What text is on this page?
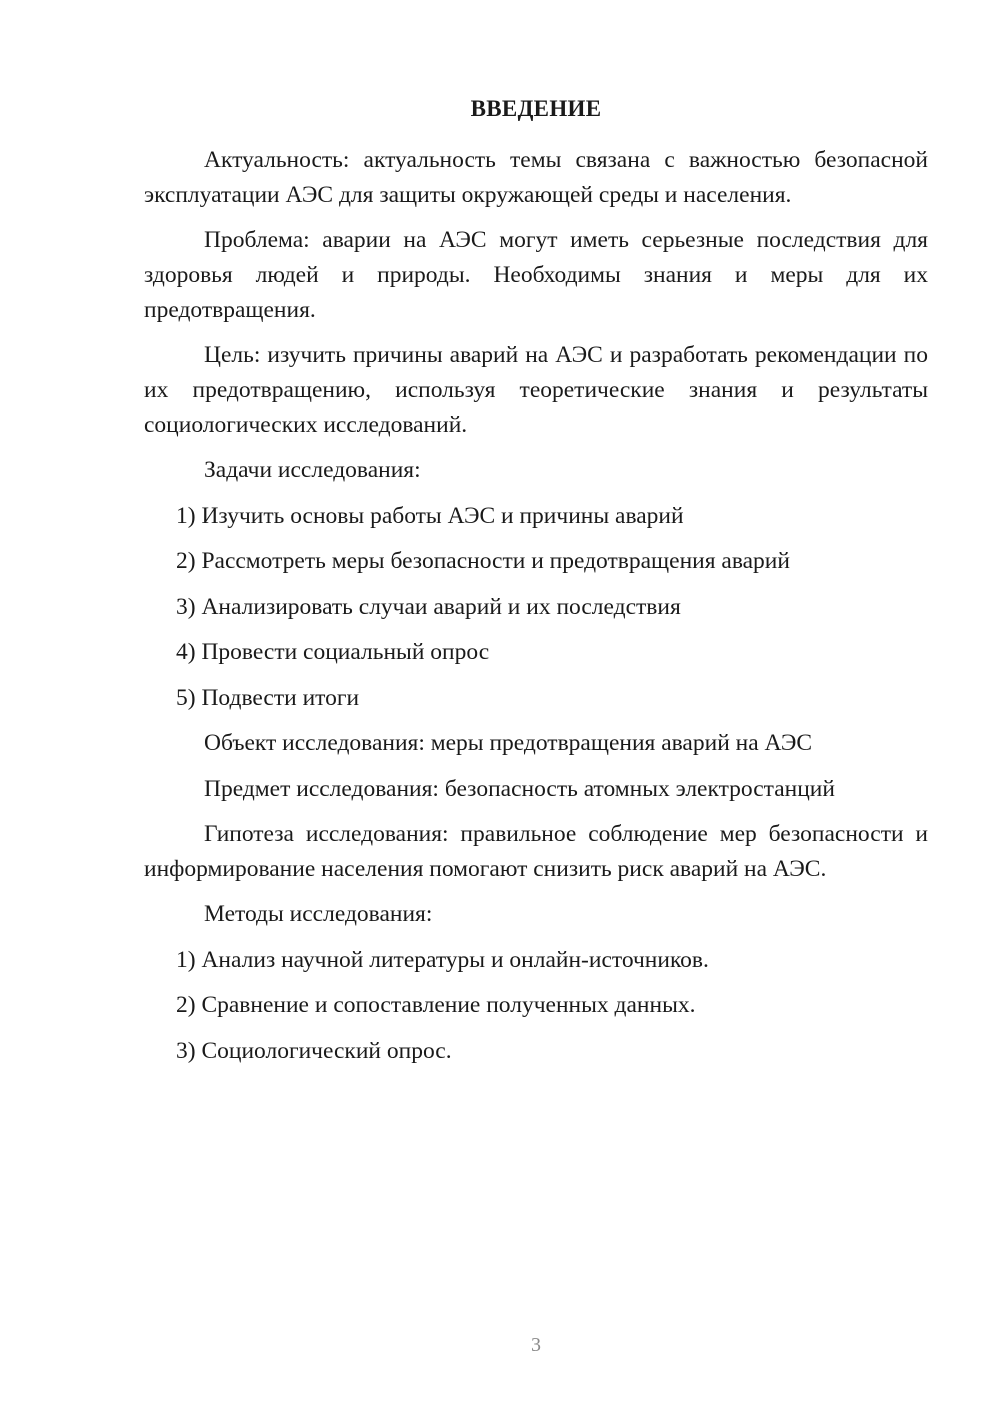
ВВЕДЕНИЕ

Актуальность: актуальность темы связана с важностью безопасной эксплуатации АЭС для защиты окружающей среды и населения.

Проблема: аварии на АЭС могут иметь серьезные последствия для здоровья людей и природы. Необходимы знания и меры для их предотвращения.

Цель: изучить причины аварий на АЭС и разработать рекомендации по их предотвращению, используя теоретические знания и результаты социологических исследований.

Задачи исследования:

1) Изучить основы работы АЭС и причины аварий
2) Рассмотреть меры безопасности и предотвращения аварий
3) Анализировать случаи аварий и их последствия
4) Провести социальный опрос
5) Подвести итоги

Объект исследования: меры предотвращения аварий на АЭС

Предмет исследования: безопасность атомных электростанций

Гипотеза исследования: правильное соблюдение мер безопасности и информирование населения помогают снизить риск аварий на АЭС.

Методы исследования:

1) Анализ научной литературы и онлайн-источников.
2) Сравнение и сопоставление полученных данных.
3) Социологический опрос.
3
